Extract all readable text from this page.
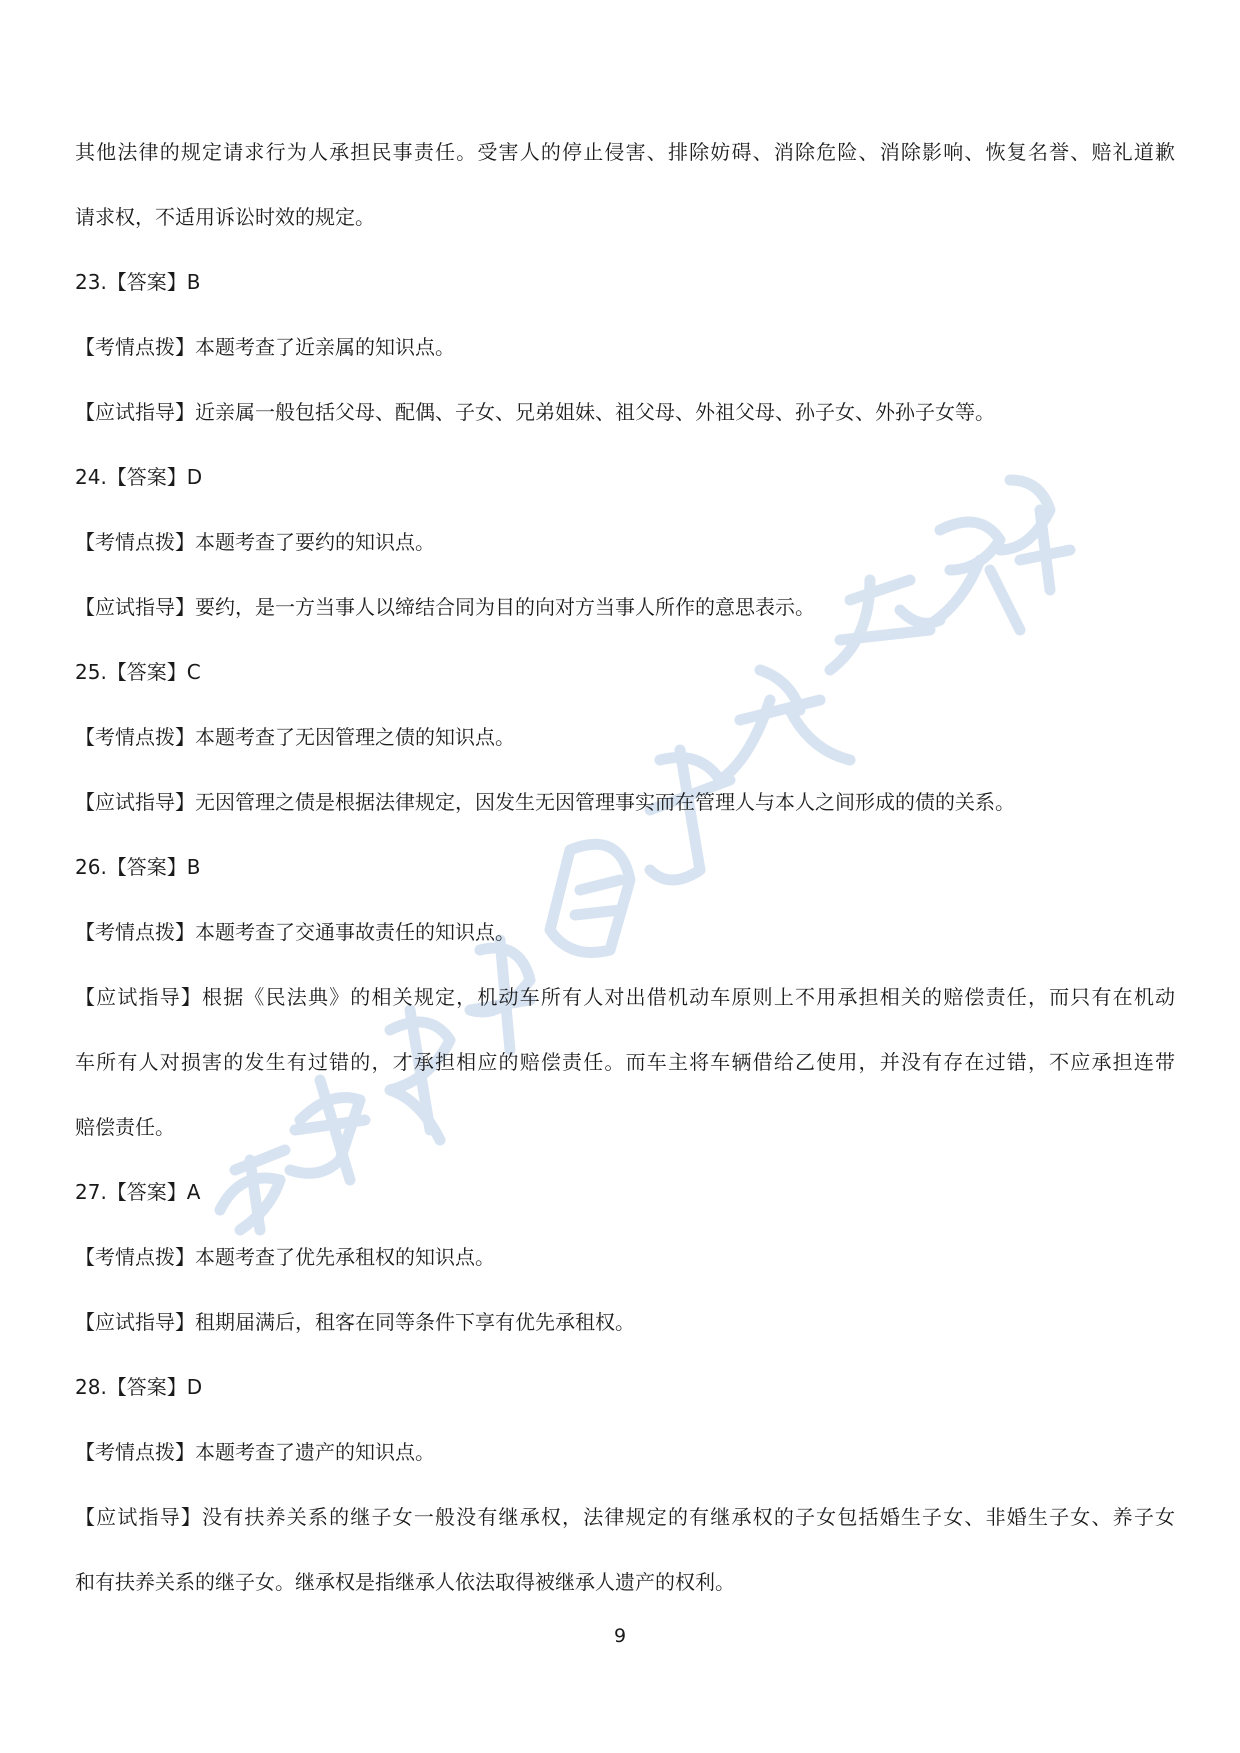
其他法律的规定请求行为人承担民事责任。受害人的停止侵害、排除妨碍、消除危险、消除影响、恢复名誉、赔礼道歉
请求权，不适用诉讼时效的规定。
23.【答案】B
【考情点拨】本题考查了近亲属的知识点。
【应试指导】近亲属一般包括父母、配偶、子女、兄弟姐妹、祖父母、外祖父母、孙子女、外孙子女等。
24.【答案】D
【考情点拨】本题考查了要约的知识点。
【应试指导】要约，是一方当事人以缔结合同为目的向对方当事人所作的意思表示。
25.【答案】C
【考情点拨】本题考查了无因管理之债的知识点。
【应试指导】无因管理之债是根据法律规定，因发生无因管理事实而在管理人与本人之间形成的债的关系。
26.【答案】B
【考情点拨】本题考查了交通事故责任的知识点。
【应试指导】根据《民法典》的相关规定，机动车所有人对出借机动车原则上不用承担相关的赔偿责任，而只有在机动
车所有人对损害的发生有过错的，才承担相应的赔偿责任。而车主将车辆借给乙使用，并没有存在过错，不应承担连带
赔偿责任。
27.【答案】A
【考情点拨】本题考查了优先承租权的知识点。
【应试指导】租期届满后，租客在同等条件下享有优先承租权。
28.【答案】D
【考情点拨】本题考查了遗产的知识点。
【应试指导】没有扶养关系的继子女一般没有继承权，法律规定的有继承权的子女包括婚生子女、非婚生子女、养子女
和有扶养关系的继子女。继承权是指继承人依法取得被继承人遗产的权利。
9
